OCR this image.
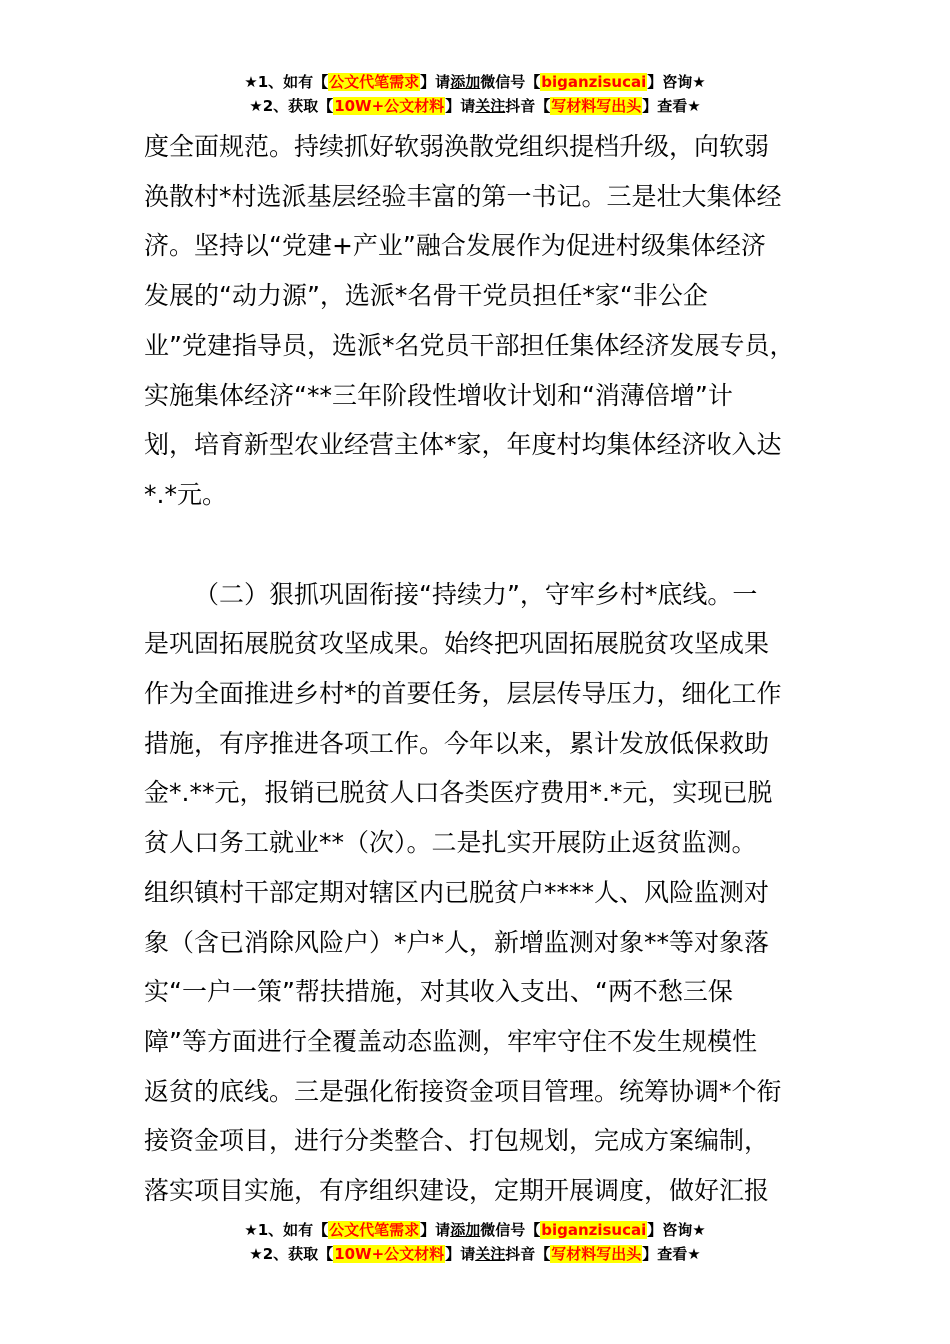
★1、如有【公文代笔需求】请添加微信号【biganzisucai】咨询★
★2、获取【10W+公文材料】请关注抖音【写材料写出头】查看★
度全面规范。持续抓好软弱涣散党组织提档升级，向软弱
涣散村*村选派基层经验丰富的第一书记。三是壮大集体经
济。坚持以“党建+产业”融合发展作为促进村级集体经济
发展的“动力源”，选派*名骨干党员担任*家“非公企
业”党建指导员，选派*名党员干部担任集体经济发展专员，
实施集体经济“**三年阶段性增收计划和“消薄倍增”计
划，培育新型农业经营主体*家，年度村均集体经济收入达
*.*元。
（二）狠抓巩固衔接“持续力”，守牢乡村*底线。一
是巩固拓展脱贫攻坚成果。始终把巩固拓展脱贫攻坚成果
作为全面推进乡村*的首要任务，层层传导压力，细化工作
措施，有序推进各项工作。今年以来，累计发放低保救助
金*.**元，报销已脱贫人口各类医疗费用*.*元，实现已脱
贫人口务工就业**（次）。二是扎实开展防止返贫监测。
组织镇村干部定期对辖区内已脱贫户****人、风险监测对
象（含已消除风险户）*户*人，新增监测对象**等对象落
实“一户一策”帮扶措施，对其收入支出、“两不愁三保
障”等方面进行全覆盖动态监测，牢牢守住不发生规模性
返贫的底线。三是强化衔接资金项目管理。统筹协调*个衔
接资金项目，进行分类整合、打包规划，完成方案编制，
落实项目实施，有序组织建设，定期开展调度，做好汇报
★1、如有【公文代笔需求】请添加微信号【biganzisucai】咨询★
★2、获取【10W+公文材料】请关注抖音【写材料写出头】查看★
